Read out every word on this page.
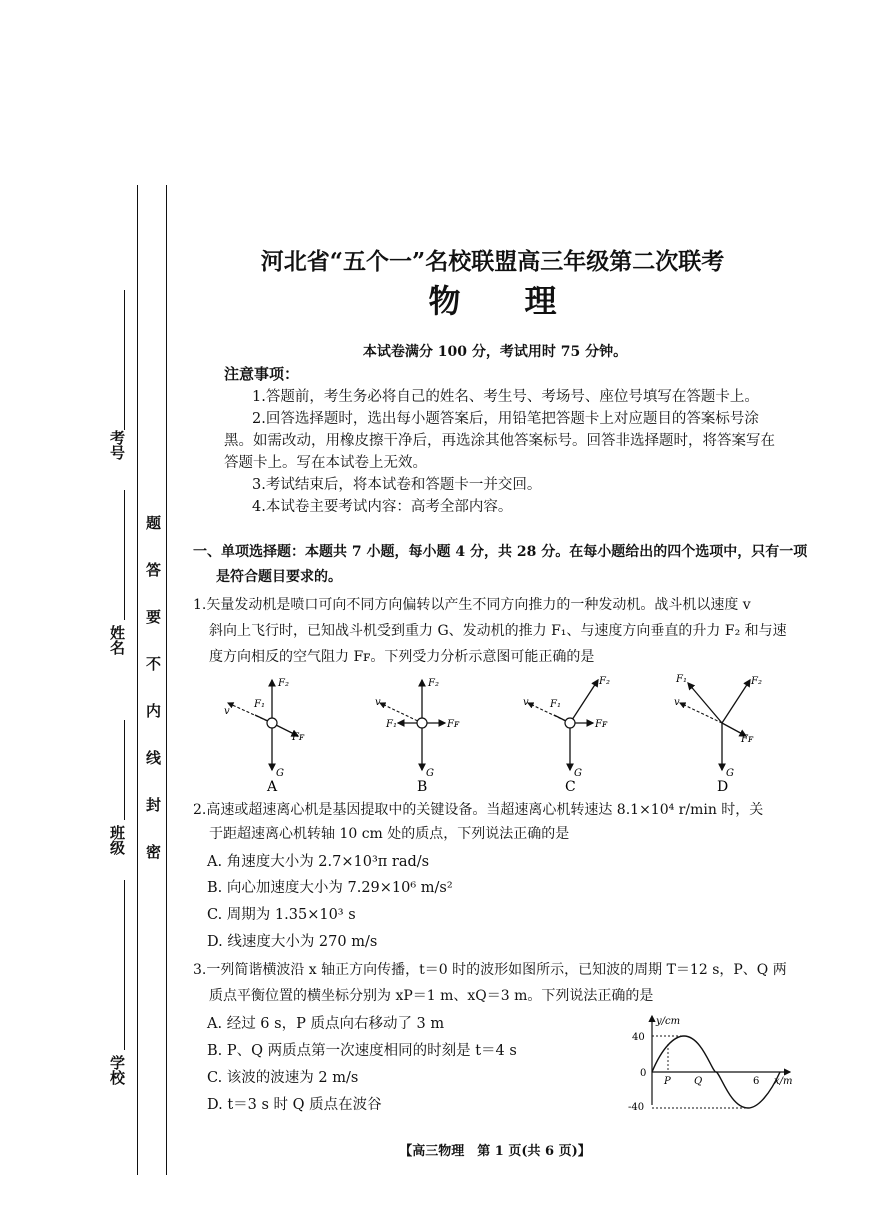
考号
姓名
班级
学校
题
答
要
不
内
线
封
密
河北省“五个一”名校联盟高三年级第二次联考
物　　理
本试卷满分 100 分，考试用时 75 分钟。
注意事项：
1.答题前，考生务必将自己的姓名、考生号、考场号、座位号填写在答题卡上。
2.回答选择题时，选出每小题答案后，用铅笔把答题卡上对应题目的答案标号涂
黑。如需改动，用橡皮擦干净后，再选涂其他答案标号。回答非选择题时，将答案写在
答题卡上。写在本试卷上无效。
3.考试结束后，将本试卷和答题卡一并交回。
4.本试卷主要考试内容：高考全部内容。
一、单项选择题：本题共 7 小题，每小题 4 分，共 28 分。在每小题给出的四个选项中，只有一项
是符合题目要求的。
1.矢量发动机是喷口可向不同方向偏转以产生不同方向推力的一种发动机。战斗机以速度 v
斜向上飞行时，已知战斗机受到重力 G、发动机的推力 F₁、与速度方向垂直的升力 F₂ 和与速
度方向相反的空气阻力 Fꜰ。下列受力分析示意图可能正确的是
F₂
F₁
v
Fꜰ
G
A
F₂
v
F₁	Fꜰ
G
B
F₂
F₁
v
Fꜰ
G
C
F₁	F₂
v
Fꜰ
G
D
2.高速或超速离心机是基因提取中的关键设备。当超速离心机转速达 8.1×10⁴ r/min 时，关
于距超速离心机转轴 10 cm 处的质点，下列说法正确的是
A. 角速度大小为 2.7×10³π rad/s
B. 向心加速度大小为 7.29×10⁶ m/s²
C. 周期为 1.35×10³ s
D. 线速度大小为 270 m/s
3.一列简谐横波沿 x 轴正方向传播，t＝0 时的波形如图所示，已知波的周期 T＝12 s，P、Q 两
质点平衡位置的横坐标分别为 xP＝1 m、xQ＝3 m。下列说法正确的是
A. 经过 6 s，P 质点向右移动了 3 m
B. P、Q 两质点第一次速度相同的时刻是 t＝4 s
C. 该波的波速为 2 m/s
D. t＝3 s 时 Q 质点在波谷
y/cm
40
0
-40
P Q	6 x/m
【高三物理　第 1 页(共 6 页)】
